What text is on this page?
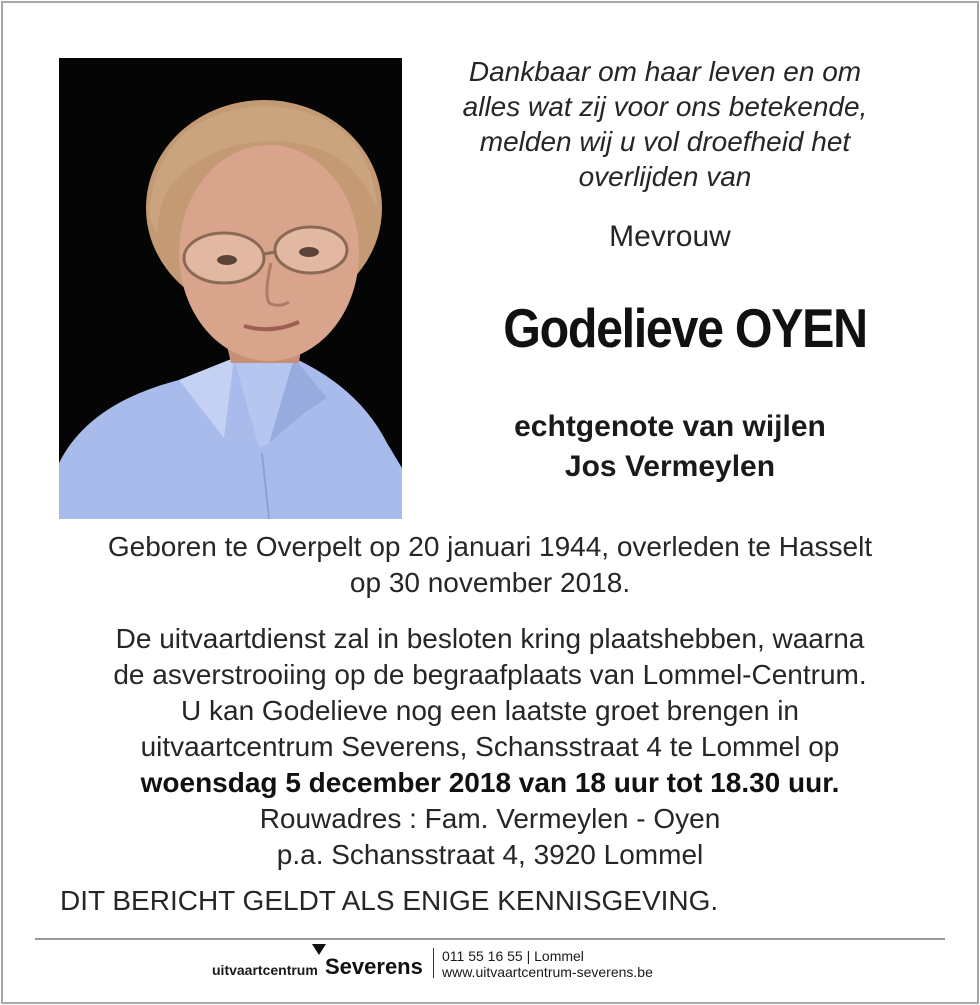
Dankbaar om haar leven en om
alles wat zij voor ons betekende,
melden wij u vol droefheid het
overlijden van
Mevrouw
Godelieve OYEN
echtgenote van wijlen
Jos Vermeylen
Geboren te Overpelt op 20 januari 1944, overleden te Hasselt
op 30 november 2018.
De uitvaartdienst zal in besloten kring plaatshebben, waarna
de asverstrooiing op de begraafplaats van Lommel-Centrum.
U kan Godelieve nog een laatste groet brengen in
uitvaartcentrum Severens, Schansstraat 4 te Lommel op
woensdag 5 december 2018 van 18 uur tot 18.30 uur.
Rouwadres : Fam. Vermeylen - Oyen
p.a. Schansstraat 4, 3920 Lommel
DIT BERICHT GELDT ALS ENIGE KENNISGEVING.
uitvaartcentrum Severens 011 55 16 55 | Lommel
www.uitvaartcentrum-severens.be
